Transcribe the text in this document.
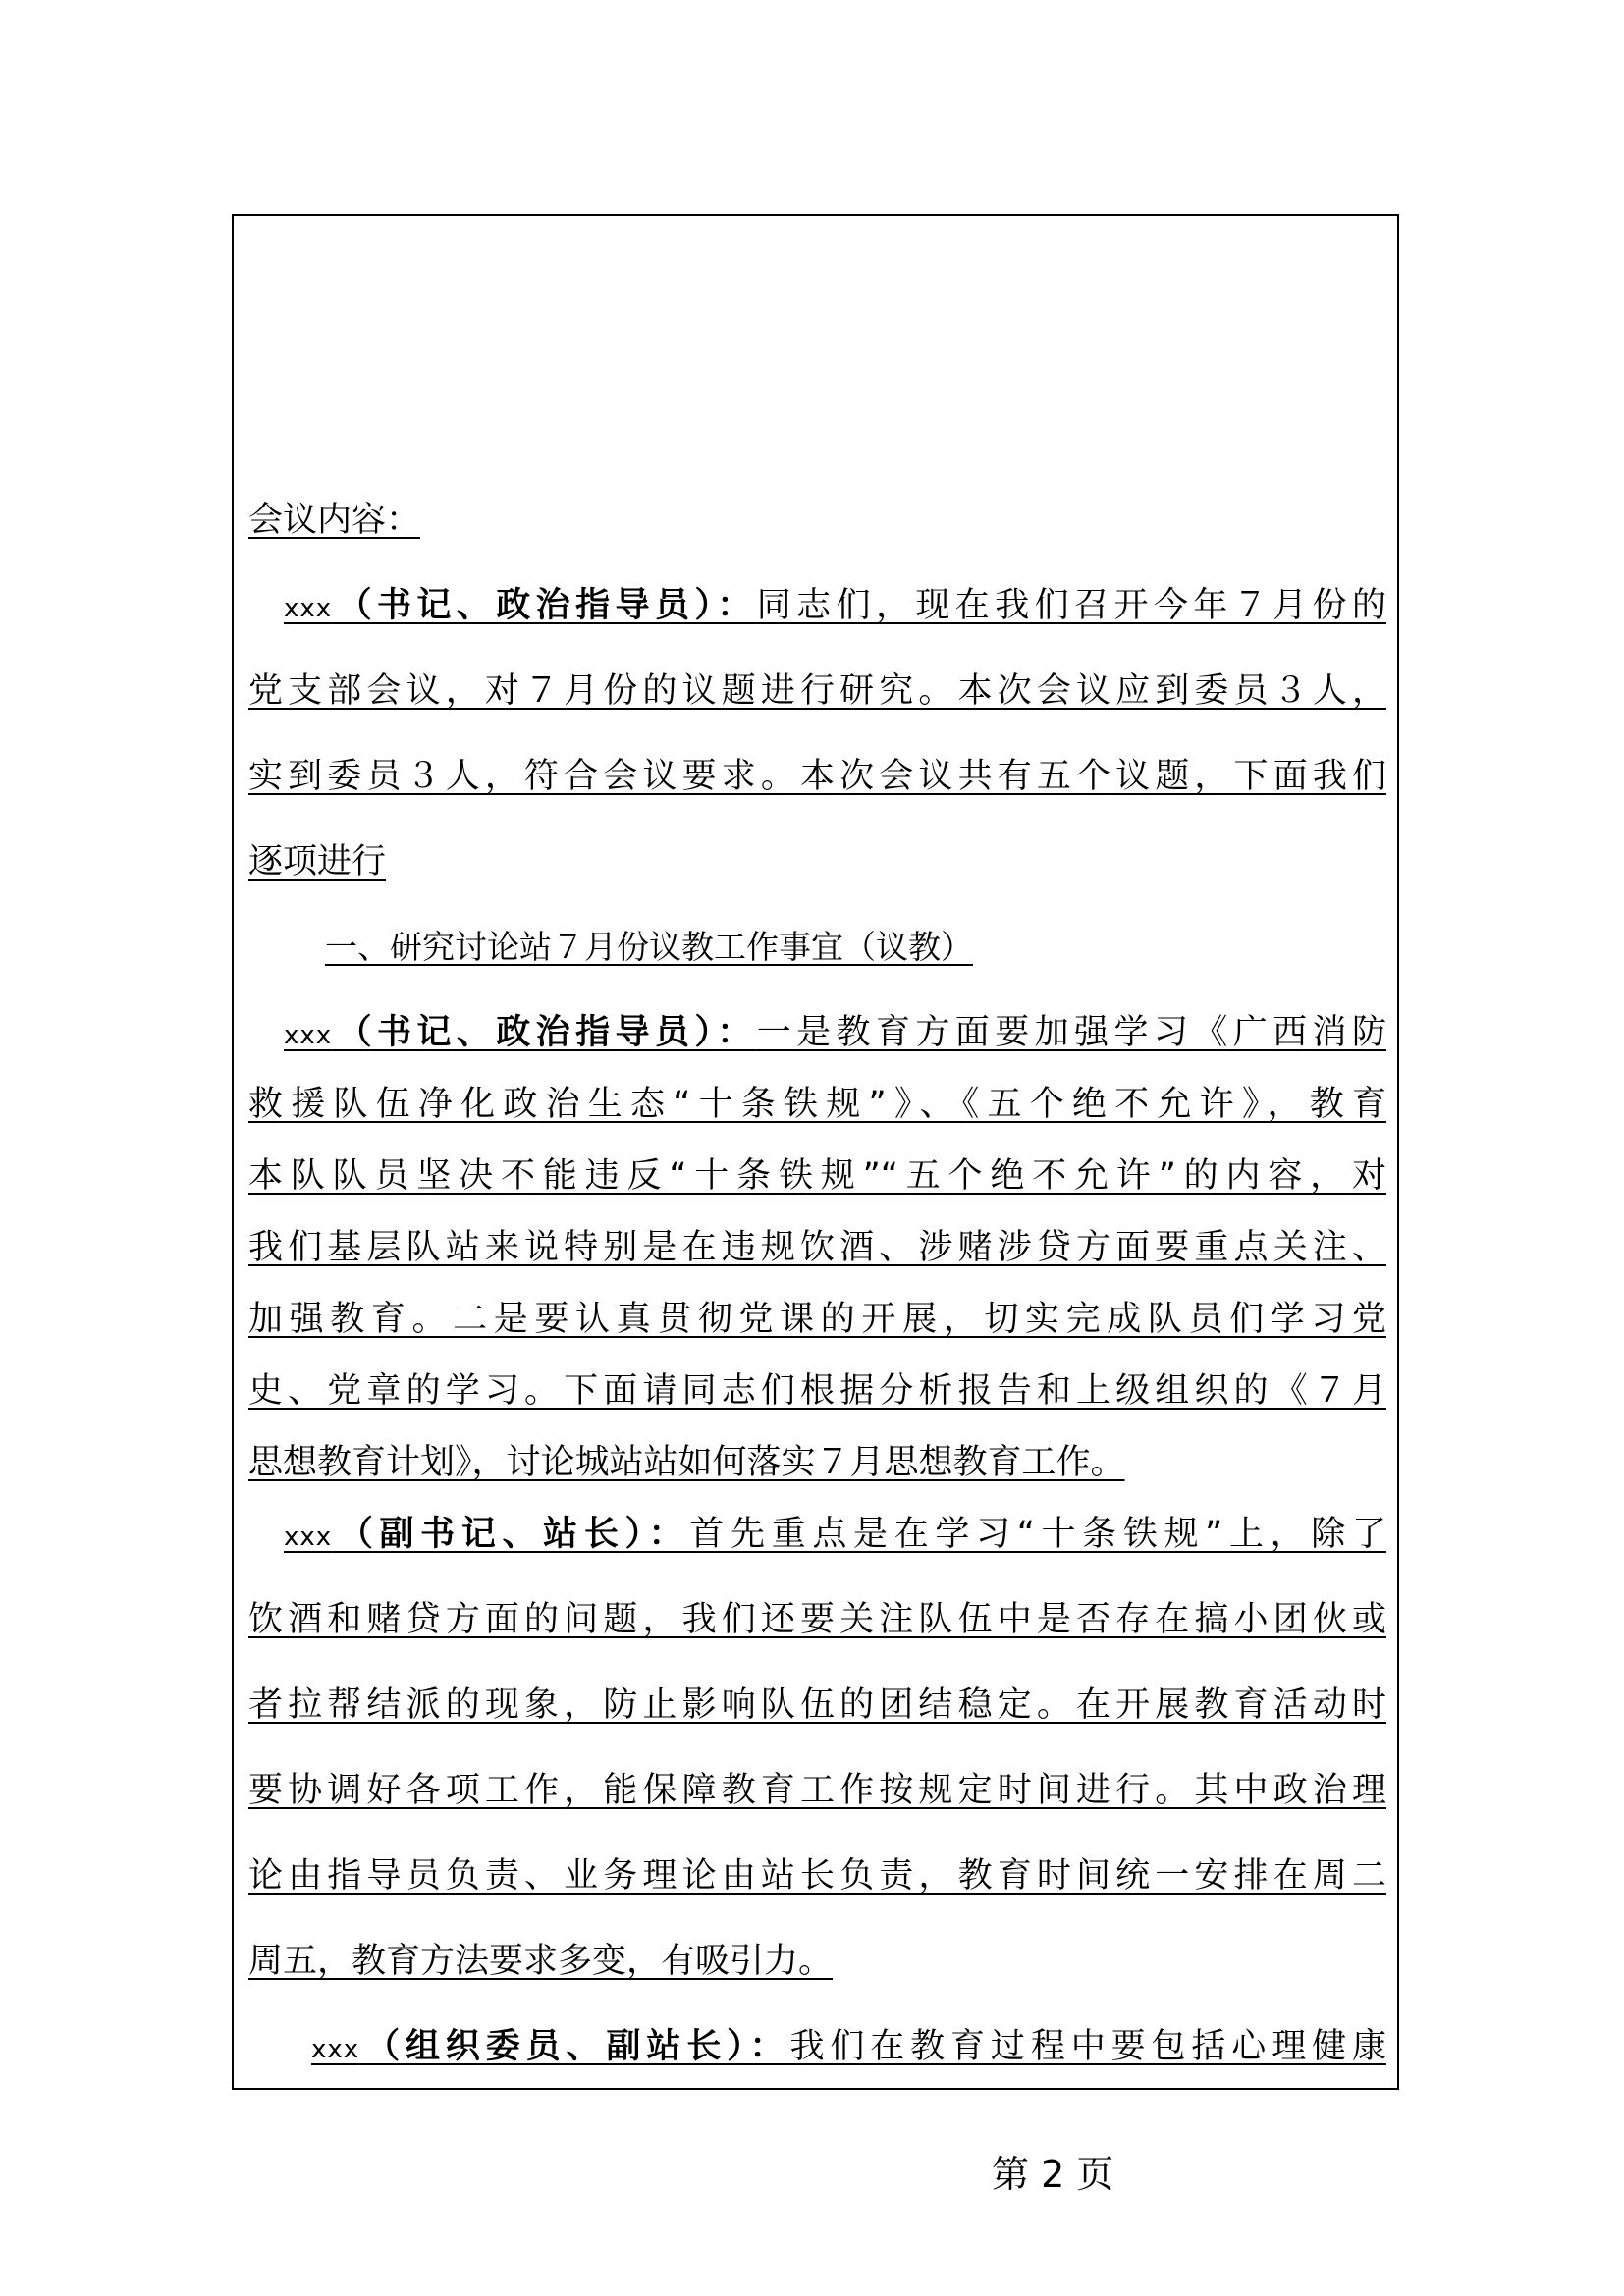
会议内容：
xxx（书记、政治指导员）：同志们，现在我们召开今年７月份的
党支部会议，对７月份的议题进行研究。本次会议应到委员３人，
实到委员３人，符合会议要求。本次会议共有五个议题，下面我们
逐项进行
一、研究讨论站７月份议教工作事宜（议教）
xxx（书记、政治指导员）：一是教育方面要加强学习《广西消防
救援队伍净化政治生态“十条铁规”》、《五个绝不允许》，教育
本队队员坚决不能违反“十条铁规”“五个绝不允许”的内容，对
我们基层队站来说特别是在违规饮酒、涉赌涉贷方面要重点关注、
加强教育。二是要认真贯彻党课的开展，切实完成队员们学习党
史、党章的学习。下面请同志们根据分析报告和上级组织的《７月
思想教育计划》，讨论城站站如何落实７月思想教育工作。
xxx（副书记、站长）：首先重点是在学习“十条铁规”上，除了
饮酒和赌贷方面的问题，我们还要关注队伍中是否存在搞小团伙或
者拉帮结派的现象，防止影响队伍的团结稳定。在开展教育活动时
要协调好各项工作，能保障教育工作按规定时间进行。其中政治理
论由指导员负责、业务理论由站长负责，教育时间统一安排在周二
周五，教育方法要求多变，有吸引力。
xxx（组织委员、副站长）：我们在教育过程中要包括心理健康
第 2 页
